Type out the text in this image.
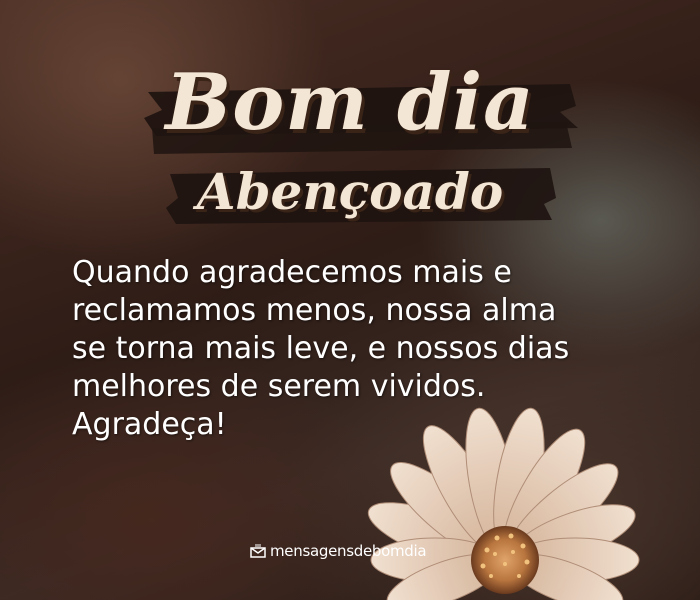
Bom dia
Abençoado

Quando agradecemos mais e
reclamamos menos, nossa alma
se torna mais leve, e nossos dias
melhores de serem vividos.
Agradeça!

mensagensdebomdia
